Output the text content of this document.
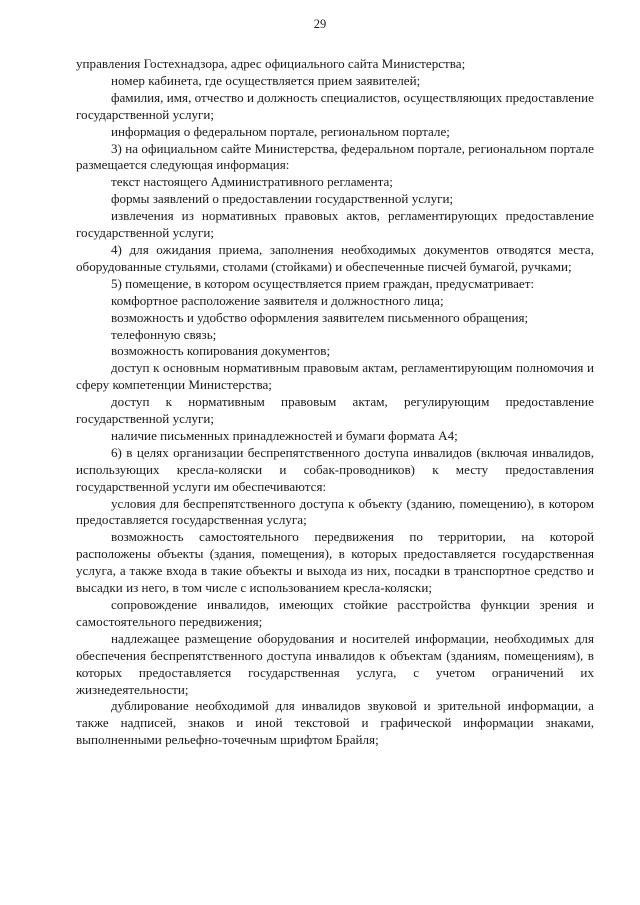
29

управления Гостехнадзора, адрес официального сайта Министерства;

номер кабинета, где осуществляется прием заявителей;

фамилия, имя, отчество и должность специалистов, осуществляющих предоставление государственной услуги;

информация о федеральном портале, региональном портале;

3) на официальном сайте Министерства, федеральном портале, региональном портале размещается следующая информация:

текст настоящего Административного регламента;

формы заявлений о предоставлении государственной услуги;

извлечения из нормативных правовых актов, регламентирующих предоставление государственной услуги;

4) для ожидания приема, заполнения необходимых документов отводятся места, оборудованные стульями, столами (стойками) и обеспеченные писчей бумагой, ручками;

5) помещение, в котором осуществляется прием граждан, предусматривает:

комфортное расположение заявителя и должностного лица;

возможность и удобство оформления заявителем письменного обращения;

телефонную связь;

возможность копирования документов;

доступ к основным нормативным правовым актам, регламентирующим полномочия и сферу компетенции Министерства;

доступ к нормативным правовым актам, регулирующим предоставление государственной услуги;

наличие письменных принадлежностей и бумаги формата А4;

6) в целях организации беспрепятственного доступа инвалидов (включая инвалидов, использующих кресла-коляски и собак-проводников) к месту предоставления государственной услуги им обеспечиваются:

условия для беспрепятственного доступа к объекту (зданию, помещению), в котором предоставляется государственная услуга;

возможность самостоятельного передвижения по территории, на которой расположены объекты (здания, помещения), в которых предоставляется государственная услуга, а также входа в такие объекты и выхода из них, посадки в транспортное средство и высадки из него, в том числе с использованием кресла-коляски;

сопровождение инвалидов, имеющих стойкие расстройства функции зрения и самостоятельного передвижения;

надлежащее размещение оборудования и носителей информации, необходимых для обеспечения беспрепятственного доступа инвалидов к объектам (зданиям, помещениям), в которых предоставляется государственная услуга, с учетом ограничений их жизнедеятельности;

дублирование необходимой для инвалидов звуковой и зрительной информации, а также надписей, знаков и иной текстовой и графической информации знаками, выполненными рельефно-точечным шрифтом Брайля;
